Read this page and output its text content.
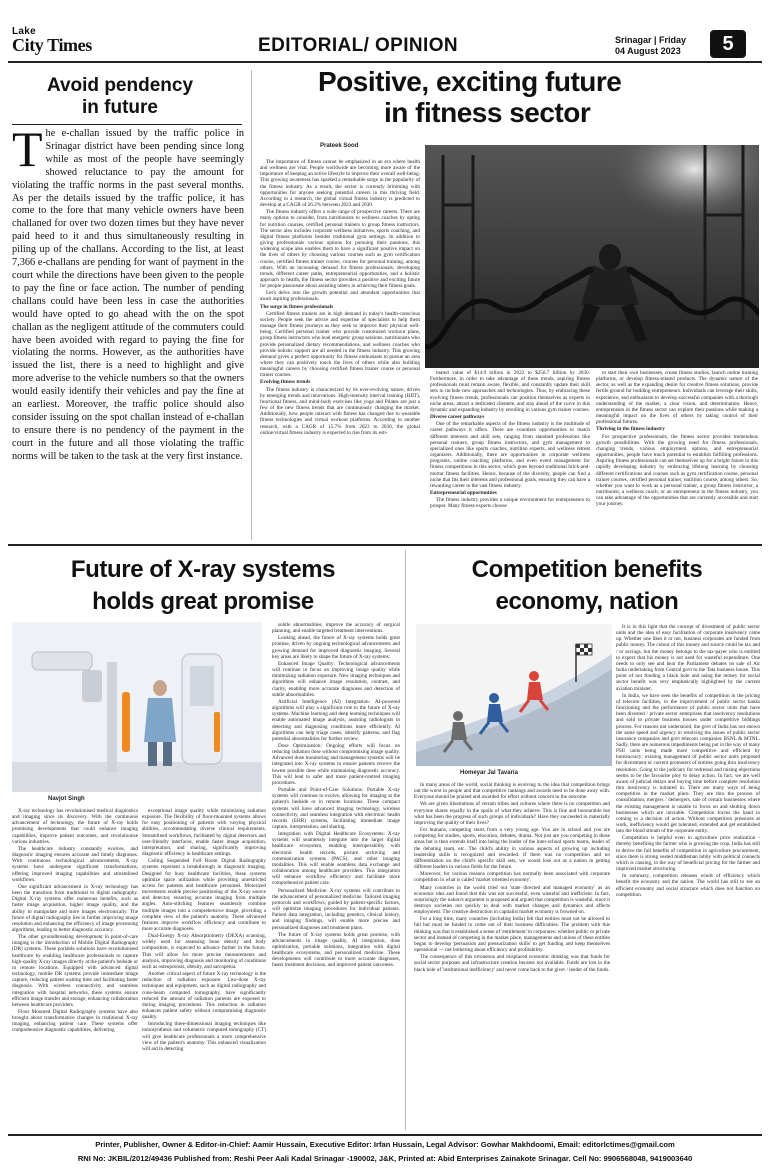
Lake
City Times	EDITORIAL/ OPINION	Srinagar | Friday
04 August 2023	5
Avoid pendency in future
T he e-challan issued by the traffic police in Srinagar district have been pending since long while as most of the people have seemingly showed reluctance to pay the amount for violating the traffic norms in the past several months. As per the details issued by the traffic police, it has come to the fore that many vehicle owners have been challaned for over two dozen times but they have never paid heed to it and thus simultaneously resulting in piling up of the challans. According to the list, at least 7,366 e-challans are pending for want of payment in the court while the directions have been given to the people to pay the fine or face action. The number of pending challans could have been less in case the authorities would have opted to go ahead with the on the spot challan as the negligent attitude of the commuters could have been avoided with regard to paying the fine for violating the norms. However, as the authorities have issued the list, there is a need to highlight and give more adverise to the vehicle numbers so that the owners would easily identify their vehicles and pay the fine at an earliest. Moreover, the traffic police should also consider issuing on the spot challan instead of e-challan to ensure there is no pendency of the payment in the court in the future and all those violating the traffic norms will be taken to the task at the very first instance.
Positive, exciting future
in fitness sector
Prateek Sood

The importance of fitness cannot be emphasized in an era where health and wellness are vital. People worldwide are becoming more aware of the importance of keeping an active lifestyle to improve their overall well-being. This growing awareness has sparked a remarkable surge in the popularity of the fitness industry. As a result, the sector is currently brimming with opportunities for anyone seeking potential careers in this thriving field. According to a research, the global virtual fitness industry is predicted to develop at a CAGR of 26.2% between 2023 and 2030.

The fitness industry offers a wide range of prospective careers. There are many options to consider, from nutritionists to wellness coaches by opting for nutrition courses, certified personal trainers to group fitness instructors. The sector also includes corporate wellness initiatives, sports coaching, and digital fitness platforms besides traditional gym settings. In addition to giving professionals various options for pursuing their passions, this widening scope also enables them to have a significant positive impact on the lives of others by choosing various courses such as gym certification course, certified fitness trainer course, courses for personal training, among others. With an increasing demand for fitness professionals, developing trends, different career paths, entrepreneurial opportunities, and a holistic approach to health, the fitness sector provides a positive and exciting future for people passionate about assisting others in achieving their fitness goals.

Let's delve into the growth potential and abundant opportunities that await aspiring professionals.

The surge in fitness professionals

Certified fitness trainers are in high demand in today's health-conscious society. People seek the advice and expertise of specialists to help them manage their fitness journeys as they seek to improve their physical well-being. Certified personal trainer who provide customized workout plans, group fitness instructors who lead energetic group sessions, nutritionists who provide personalized dietary recommendations, and wellness coaches who provide holistic support are all needed in the fitness industry. This growing demand gives a perfect opportunity for fitness enthusiasts to pursue an area where they can positively touch the lives of others while also building meaningful careers by choosing certified fitness trainer course or personal trainer courses.

Evolving fitness trends

The fitness industry is characterized by its ever-evolving nature, driven by emerging trends and innovations. High-intensity interval training (HIIT), functional fitness, and mind-body exercises like yoga and Pilates are just a few of the new fitness trends that are continuously changing the market. Additionally, how people interact with fitness has changed due to wearable fitness technologies and virtual workout platforms. According to another research, with a CAGR of 15.7% from 2023 to 2030, the global online/virtual fitness industry is expected to rise from its esti-

mated value of $14.9 billion in 2022 to $250.7 billion by 2030. Furthermore, in order to take advantage of these trends, aspiring fitness professionals must remain aware, flexible, and constantly update their skill sets to include new approaches and technologies. Thus, by embracing these evolving fitness trends, professionals can position themselves as experts in niche areas, attract a dedicated clientele, and stay ahead of the curve in this dynamic and expanding industry by enrolling in various gym trainer courses.

Diverse career pathways

One of the remarkable aspects of the fitness industry is the multitude of career pathways it offers. There are countless opportunities to match different interests and skill sets, ranging from standard professions like personal trainers, group fitness instructors, and gym management to specialized ones like sports coaches, nutrition experts, and wellness retreat organizers. Additionally, there are opportunities in corporate wellness programs, online coaching platforms, and even event management for fitness competitions in this sector, which goes beyond traditional brick-and-mortar fitness facilities. Hence, because of the diversity, people can find a niche that fits their interests and professional goals, ensuring they can have a rewarding career in the vast fitness industry.

Entrepreneurial opportunities

The fitness industry provides a unique environment for entrepreneurs to prosper. Many fitness experts choose

to start their own businesses, create fitness studios, launch online training platforms, or develop fitness-related products. The dynamic nature of the sector, as well as the expanding desire for creative fitness solutions, provide fertile ground for budding entrepreneurs. Individuals can leverage their skills, experience, and enthusiasm to develop successful companies with a thorough understanding of the market, a clear vision, and determination. Hence, entrepreneurs in the fitness sector can explore their passions while making a meaningful impact on the lives of others by taking control of their professional futures.

Thriving in the fitness industry

For prospective professionals, the fitness sector provides tremendous growth possibilities. With the growing need for fitness professionals, changing trends, various employment options, and entrepreneurial opportunities, people have much potential to establish fulfilling professions. Aspiring fitness professionals can set themselves up for a bright future in this rapidly developing industry by embracing lifelong learning by choosing different certifications and courses such as gym certification course, personal trainer courses, certified personal trainer, nutrition course, among others. So, whether you want to work as a personal trainer, a group fitness instructor, a nutritionist, a wellness coach, or an entrepreneur in the fitness industry, you can take advantage of the opportunities that are currently accessible and start your journey.

Future of X-ray systems
holds great promise
Navjot Singh

X-ray technology has revolutionised medical diagnostics and imaging since its discovery. With the continuous advancement of technology, the future of X-ray holds promising developments that could enhance imaging capabilities, improve patient outcomes, and revolutionise various industries.

The healthcare industry constantly evolves, and diagnostic imaging ensures accurate and timely diagnoses. With continuous technological advancements, X-ray systems have undergone significant transformations, offering improved imaging capabilities and streamlined workflows.

One significant advancement in X-ray technology has been the transition from traditional to digital radiography. Digital X-ray systems offer numerous benefits, such as faster image acquisition, higher image quality, and the ability to manipulate and store images electronically. The future of digital radiography lies in further improving image resolution and enhancing the efficiency of image processing algorithms, leading to better diagnostic accuracy.

The other groundbreaking development in point-of-care imaging is the introduction of Mobile Digital Radiography (DR) systems. These portable solutions have revolutionised healthcare by enabling healthcare professionals to capture high-quality X-ray images directly at the patient's bedside or in remote locations. Equipped with advanced digital technology, mobile DR systems provide immediate image capture, reducing patient waiting time and facilitating faster diagnosis. With wireless connectivity and seamless integration with hospital networks, these systems ensure efficient image transfer and storage, enhancing collaboration between healthcare providers.

Floor Mounted Digital Radiography systems have also brought about transformative changes in traditional X-ray imaging, enhancing patient care. These systems offer comprehensive diagnostic capabilities, delivering

exceptional image quality while minimizing radiation exposure. The flexibility of floor-mounted systems allows for easy positioning of patients with varying physical abilities, accommodating diverse clinical requirements. Streamlined workflows, facilitated by digital detectors and user-friendly interfaces, enable faster image acquisition, interpretation, and sharing, significantly improving diagnostic efficiency in healthcare settings.

Ceiling Suspended Full Room Digital Radiography systems represent a breakthrough in diagnostic imaging. Designed for busy healthcare facilities, these systems optimize space utilization while providing unrestricted access for patients and healthcare personnel. Motorized movements enable precise positioning of the X-ray source and detector, ensuring accurate imaging from multiple angles. Auto-stitching features seamlessly combine multiple images into a comprehensive image, providing a complete view of the patient's anatomy. These advanced features improve workflow efficiency and contribute to more accurate diagnoses.

Dual-Energy X-ray Absorptiometry (DEXA) scanning, widely used for assessing bone density and body composition, is expected to advance further in the future. This will allow for more precise measurements and analysis, improving diagnosis and monitoring of conditions such as osteoporosis, obesity, and sarcopenia.

Another critical aspect of future X-ray technology is the reduction of radiation exposure. Low-dose X-ray techniques and equipment, such as digital radiography and cone-beam computed tomography, have significantly reduced the amount of radiation patients are exposed to during imaging procedures. This reduction in radiation enhances patient safety without compromising diagnostic quality.

Introducing three-dimensional imaging techniques like tomosynthesis and volumetric computed tomography (CT) will give healthcare professionals a more comprehensive view of the patient's anatomy. This enhanced visualization will aid in detecting

subtle abnormalities, improve the accuracy of surgical planning, and enable targeted treatment interventions.

Looking ahead, the future of X-ray systems holds great promise, driven by ongoing technological advancements and growing demand for improved diagnostic imaging. Several key areas are likely to shape the future of X-ray systems:

Enhanced Image Quality: Technological advancements will continue to focus on improving image quality while minimizing radiation exposure. New imaging techniques and algorithms will enhance image resolution, contrast, and clarity, enabling more accurate diagnoses and detection of subtle abnormalities.

Artificial Intelligence (AI) Integration: AI-powered algorithms will play a significant role in the future of X-ray systems. Machine learning and deep learning techniques will enable automated image analysis, assisting radiologists in detecting and diagnosing conditions more efficiently. AI algorithms can help triage cases, identify patterns, and flag potential abnormalities for further review.

Dose Optimization: Ongoing efforts will focus on reducing radiation dose without compromising image quality. Advanced dose monitoring and management systems will be integrated into X-ray systems to ensure patients receive the lowest possible dose while maintaining diagnostic accuracy. This will lead to safer and more patient-centred imaging procedures.

Portable and Point-of-Care Solutions: Portable X-ray systems will continue to evolve, allowing for imaging at the patient's bedside or in remote locations. These compact systems will have advanced imaging technology, wireless connectivity, and seamless integration with electronic health records (EHR) systems, facilitating immediate image capture, interpretation, and sharing.

Integration with Digital Healthcare Ecosystems: X-ray systems will seamlessly integrate into the larger digital healthcare ecosystem, enabling interoperability with electronic health records, picture archiving and communication systems (PACS), and other imaging modalities. This will enable seamless data exchange and collaboration among healthcare providers. This integration will enhance workflow efficiency and facilitate more comprehensive patient care.

Personalized Medicine: X-ray systems will contribute to the advancement of personalized medicine. Tailored imaging protocols and workflows, guided by patient-specific factors, will optimize imaging procedures for individual patients. Patient data integration, including genetics, clinical history, and imaging findings, will enable more precise and personalized diagnoses and treatment plans.

The future of X-ray systems holds great promise, with advancements in image quality, AI integration, dose optimization, portable solutions, integration with digital healthcare ecosystems, and personalized medicine. These developments will contribute to more accurate diagnoses, faster treatment decisions, and improved patient outcomes.

Competition benefits
economy, nation
Homeyar Jal Tavaria

In many areas of the world, social thinking is evolving to the idea that competition brings out the worst in people and that competitive rankings and awards need to be done away with. Everyone should be praised and awarded for effort without concern to the outcome.

We are given illustrations of certain tribes and cultures where there is no competition and everyone shares equally in the spoils of what they achieve. This is fine and honourable but what has been the progress of such groups of individuals? Have they succeeded in materially improving the quality of their lives?

For humans, competing starts from a very young age. You are in school and you are competing for studies, sports, elocution, debates, drama. Not just are you competing in these areas but is then extends itself into being the leader of the inter-school sports teams, leader of the debating team, etc. The child's ability in various aspects of growing up including leadership skills is recognized and rewarded. If there was no competition and no differentiation on the child's specific skill sets, we would lose out as a nation in getting different leaders in various fields for the future.

Moreover, for various reasons competition has normally been associated with corporate competition in what is called 'market oriented economy'.

Many countries in the world tried out 'state directed and managed economy' as an economic idea and found that this was not successful, even wasteful and inefficient. In fact, surprisingly the nation's argument is proposed and argued that competition is wasteful, since it destroys societies not quickly to deal with market changes and dynamics and affects employment. The creative destruction in capitalist market economy is frowned on.

For a long time, many countries (including India) felt that entities must not be allowed to fail but must be funded to come out of their business difficulties. The problem with this thinking was that it established a sense of 'entitlement' in corporates: whether public or private sector and instead of competing in the market place, managements and unions of these entities began to develop 'persuasion and pressurization skills' to get funding and keep themselves operational — not bothering about efficiency and profitability.

The consequence of this erroneous and misplaced economic thinking was that funds for social sector purposes and infrastructure creation became not available. Funds are lost in the black hole of 'institutional inefficiency' and never come back to the giver / lender of the funds.

It is in this light that the concept of divestment of public sector units and the idea of easy facilitation of corporate insolvency came up. Whether one likes it or not, business corporates are funded from public money. The colour of this money and source could be tax and / or savings, but the money belongs to the tax-payer who is entitled to expect that his money is not used for wasteful expenditure. One needs to only see and hear the Parliament debates on sale of Air India undertaking from Central govt to the Tata business house. This point of not funding a black hole and using the money for social sector benefit was very emphatically highlighted by the current aviation minister.

In India, we have seen the benefits of competition in the pricing of telecom facilities, in the improvement of public sector banks functioning and the performance of public sector units that have been divested / private sector enterprises that insolvency resolutions and sold to private business houses under competitive biddings process. For reasons not understood, the govt of India has not shown the same speed and urgency in resolving the issues of public sector insurance companies and govt telecom companies BSNL & MTNL. Sadly, there are numerous impediments being put in the way of many PSU units being made more competitive and efficient by bureaucracy: existing management of public sector units proposed for divestment or current promoters of entities going thru insolvency resolution. Going to the judiciary for redressal and raising objections seems to be the favourite ploy to delay action. In fact, we are well aware of judicial delays and buying time before complete resolution thru insolvency is initiated in. There are many ways of being competitive in the market place. They are thru the process of consolidation, mergers / demergers, sale of certain businesses where the existing management is unable to focus on and shutting down businesses which are unviable. Competition forces the hand in coming to a decision of action. Without competition pressures at work, inefficiency would get tolerated, extended and get established into the blood stream of the corporate entity.

Competition is helpful even in agriculture price realization - thereby benefiting the farmer who is growing the crop. India has still to derive the full benefits of competition in agriculture procurement, since there is strong vested middleman lobby with political connects which is causing, in the way of beneficial pricing for the farmer and improved market structuring.

In summary, competition releases winds of efficiency which benefit the economy and the nation. The world has still to see an efficient economy and social structure which does not function on competition.

Printer, Publisher, Owner & Editor-in-Chief: Aamir Hussain, Executive Editor: Irfan Hussain, Legal Advisor: Gowhar Makhdoomi, Email: editorlctimes@gmail.com
RNI No: JKBIL/2012/49436 Published from: Reshi Peer Aali Kadal Srinagar -190002, J&K, Printed at: Abid Enterprises Zainakote Srinagar. Cell No: 9906568048, 9419003640
